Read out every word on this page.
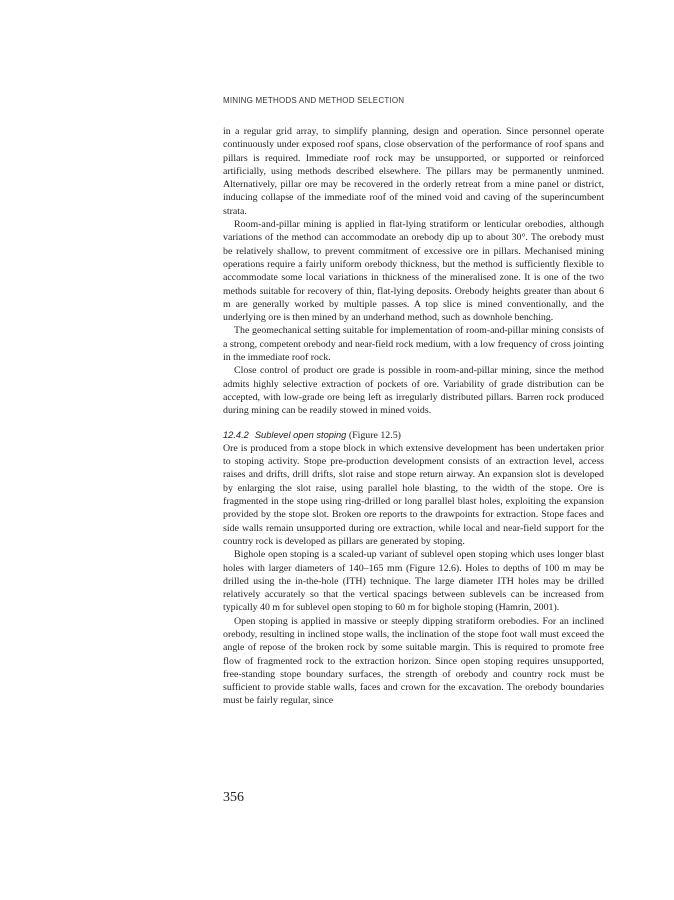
MINING METHODS AND METHOD SELECTION

in a regular grid array, to simplify planning, design and operation. Since personnel operate continuously under exposed roof spans, close observation of the performance of roof spans and pillars is required. Immediate roof rock may be unsupported, or supported or reinforced artificially, using methods described elsewhere. The pillars may be permanently unmined. Alternatively, pillar ore may be recovered in the orderly retreat from a mine panel or district, inducing collapse of the immediate roof of the mined void and caving of the superincumbent strata.

Room-and-pillar mining is applied in flat-lying stratiform or lenticular orebodies, although variations of the method can accommodate an orebody dip up to about 30°. The orebody must be relatively shallow, to prevent commitment of excessive ore in pillars. Mechanised mining operations require a fairly uniform orebody thickness, but the method is sufficiently flexible to accommodate some local variations in thickness of the mineralised zone. It is one of the two methods suitable for recovery of thin, flat-lying deposits. Orebody heights greater than about 6 m are generally worked by multiple passes. A top slice is mined conventionally, and the underlying ore is then mined by an underhand method, such as downhole benching.

The geomechanical setting suitable for implementation of room-and-pillar mining consists of a strong, competent orebody and near-field rock medium, with a low frequency of cross jointing in the immediate roof rock.

Close control of product ore grade is possible in room-and-pillar mining, since the method admits highly selective extraction of pockets of ore. Variability of grade distribution can be accepted, with low-grade ore being left as irregularly distributed pillars. Barren rock produced during mining can be readily stowed in mined voids.

12.4.2 Sublevel open stoping (Figure 12.5)

Ore is produced from a stope block in which extensive development has been undertaken prior to stoping activity. Stope pre-production development consists of an extraction level, access raises and drifts, drill drifts, slot raise and stope return airway. An expansion slot is developed by enlarging the slot raise, using parallel hole blasting, to the width of the stope. Ore is fragmented in the stope using ring-drilled or long parallel blast holes, exploiting the expansion provided by the stope slot. Broken ore reports to the drawpoints for extraction. Stope faces and side walls remain unsupported during ore extraction, while local and near-field support for the country rock is developed as pillars are generated by stoping.

Bighole open stoping is a scaled-up variant of sublevel open stoping which uses longer blast holes with larger diameters of 140–165 mm (Figure 12.6). Holes to depths of 100 m may be drilled using the in-the-hole (ITH) technique. The large diameter ITH holes may be drilled relatively accurately so that the vertical spacings between sublevels can be increased from typically 40 m for sublevel open stoping to 60 m for bighole stoping (Hamrin, 2001).

Open stoping is applied in massive or steeply dipping stratiform orebodies. For an inclined orebody, resulting in inclined stope walls, the inclination of the stope foot wall must exceed the angle of repose of the broken rock by some suitable margin. This is required to promote free flow of fragmented rock to the extraction horizon. Since open stoping requires unsupported, free-standing stope boundary surfaces, the strength of orebody and country rock must be sufficient to provide stable walls, faces and crown for the excavation. The orebody boundaries must be fairly regular, since

356
